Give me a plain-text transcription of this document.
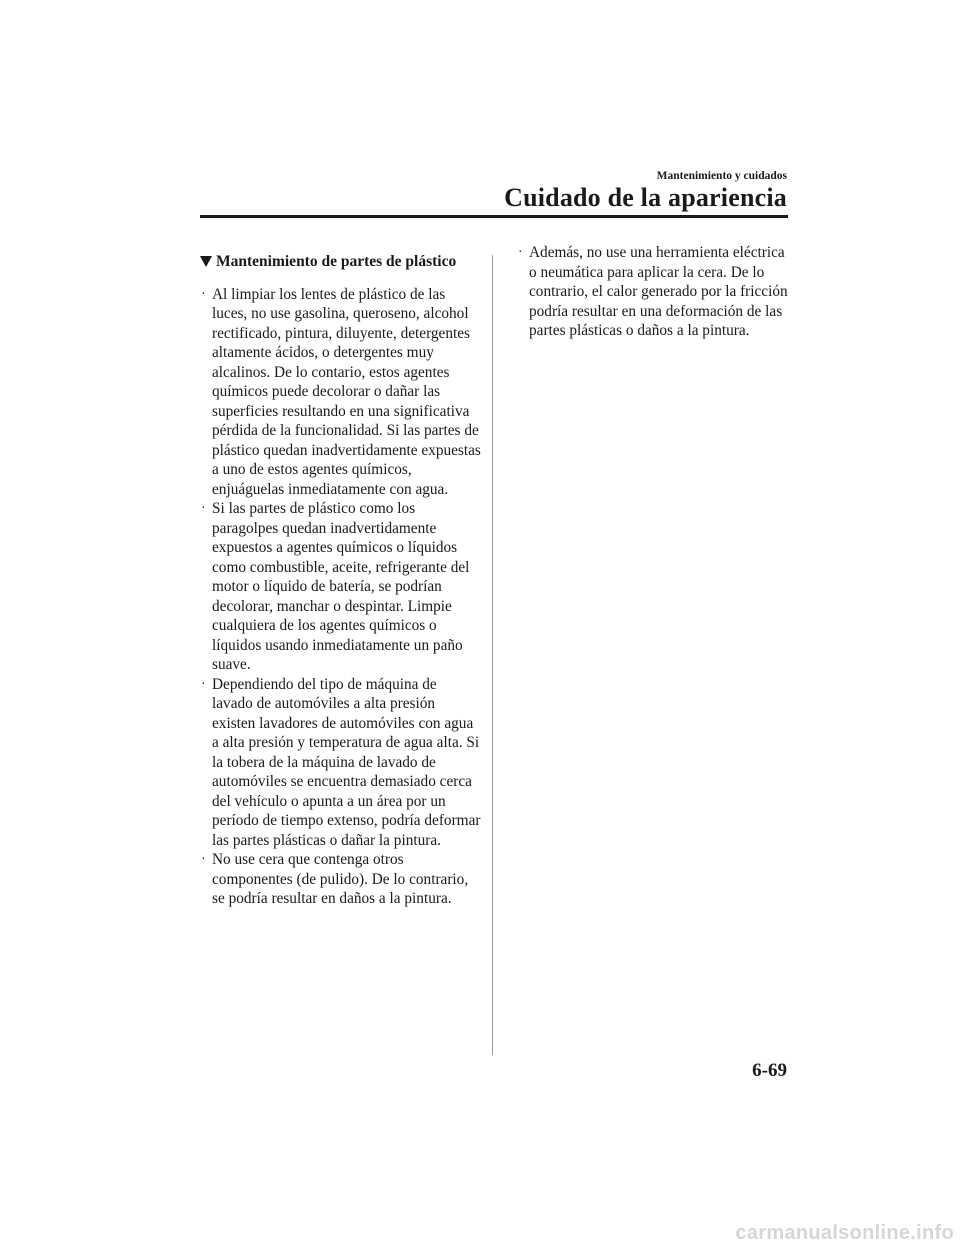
Mantenimiento y cuidados
Cuidado de la apariencia
Mantenimiento de partes de plástico
· Al limpiar los lentes de plástico de las luces, no use gasolina, queroseno, alcohol rectificado, pintura, diluyente, detergentes altamente ácidos, o detergentes muy alcalinos. De lo contario, estos agentes químicos puede decolorar o dañar las superficies resultando en una significativa pérdida de la funcionalidad. Si las partes de plástico quedan inadvertidamente expuestas a uno de estos agentes químicos, enjuáguelas inmediatamente con agua.
· Si las partes de plástico como los paragolpes quedan inadvertidamente expuestos a agentes químicos o líquidos como combustible, aceite, refrigerante del motor o líquido de batería, se podrían decolorar, manchar o despintar. Limpie cualquiera de los agentes químicos o líquidos usando inmediatamente un paño suave.
· Dependiendo del tipo de máquina de lavado de automóviles a alta presión existen lavadores de automóviles con agua a alta presión y temperatura de agua alta. Si la tobera de la máquina de lavado de automóviles se encuentra demasiado cerca del vehículo o apunta a un área por un período de tiempo extenso, podría deformar las partes plásticas o dañar la pintura.
· No use cera que contenga otros componentes (de pulido). De lo contrario, se podría resultar en daños a la pintura.
· Además, no use una herramienta eléctrica o neumática para aplicar la cera. De lo contrario, el calor generado por la fricción podría resultar en una deformación de las partes plásticas o daños a la pintura.
6-69
carmanualsonline.info
